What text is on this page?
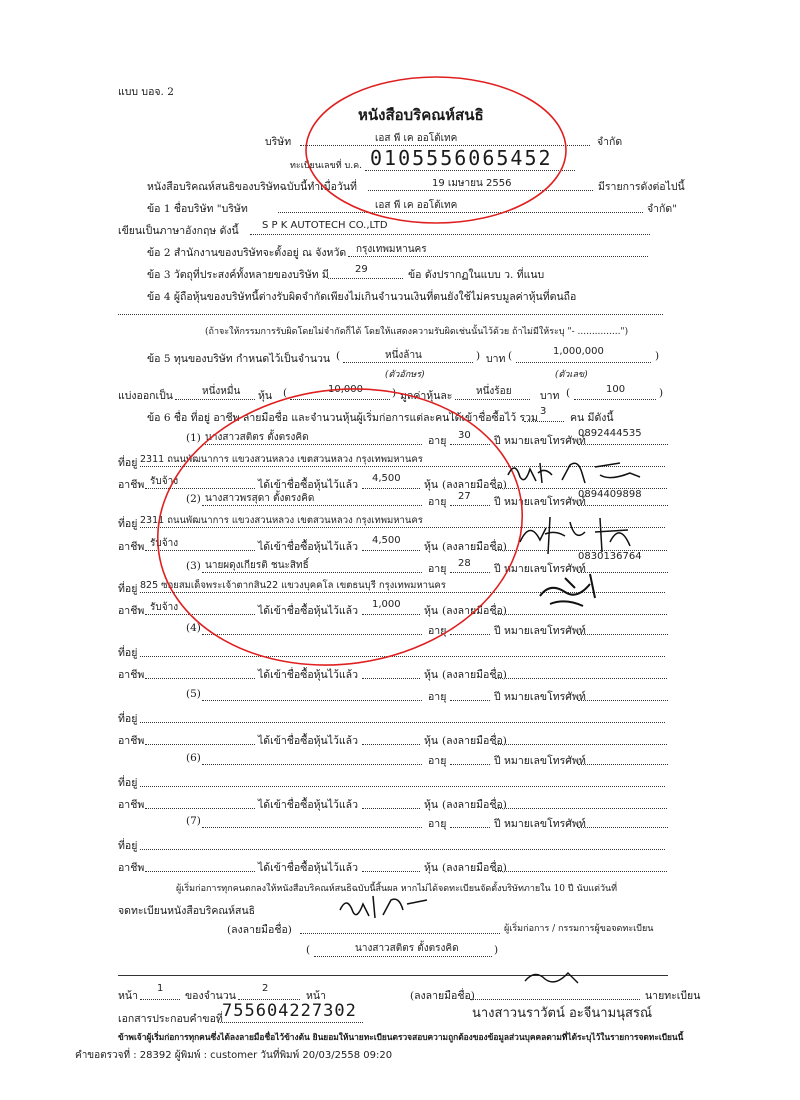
แบบ บอจ. 2
หนังสือบริคณห์สนธิ
บริษัท	เอส พี เค ออโต้เทค	จำกัด
ทะเบียนเลขที่ บ.ค. 0105556065452
หนังสือบริคณห์สนธิของบริษัทฉบับนี้ทำเมื่อวันที่	19 เมษายน 2556	มีรายการดังต่อไปนี้
ข้อ 1 ชื่อบริษัท "บริษัท	เอส พี เค ออโต้เทค	จำกัด"
เขียนเป็นภาษาอังกฤษ ดังนี้ S P K AUTOTECH CO.,LTD
ข้อ 2 สำนักงานของบริษัทจะตั้งอยู่ ณ จังหวัด กรุงเทพมหานคร
ข้อ 3 วัตถุที่ประสงค์ทั้งหลายของบริษัท มี	29	ข้อ ดังปรากฏในแบบ ว. ที่แนบ
ข้อ 4 ผู้ถือหุ้นของบริษัทนี้ต่างรับผิดจำกัดเพียงไม่เกินจำนวนเงินที่ตนยังใช้ไม่ครบมูลค่าหุ้นที่ตนถือ
(ถ้าจะให้กรรมการรับผิดโดยไม่จำกัดก็ได้ โดยให้แสดงความรับผิดเช่นนั้นไว้ด้วย ถ้าไม่มีให้ระบุ "- ...............")
ข้อ 5 ทุนของบริษัท กำหนดไว้เป็นจำนวน (	หนึ่งล้าน	) บาท (	1,000,000	)
(ตัวอักษร)	(ตัวเลข)
แบ่งออกเป็น	หนึ่งหมื่น หุ้น (	10,000	) มูลค่าหุ้นละ หนึ่งร้อย	บาท (	100	)
ข้อ 6 ชื่อ ที่อยู่ อาชีพ ลายมือชื่อ และจำนวนหุ้นผู้เริ่มก่อการแต่ละคนได้เข้าชื่อซื้อไว้ รวม
3
คน มีดังนี้
(1) นางสาวสติตร ตั้งตรงคิด	อายุ 30 ปี หมายเลขโทรศัพท์
0892444535
ที่อยู่ 2311 ถนนพัฒนาการ แขวงสวนหลวง เขตสวนหลวง กรุงเทพมหานคร
อาชีพ รับจ้าง	ได้เข้าชื่อซื้อหุ้นไว้แล้ว
4,500
หุ้น (ลงลายมือชื่อ)
(2) นางสาวพรสุดา ตั้งตรงคิด	อายุ 27 ปี หมายเลขโทรศัพท์
0894409898
ที่อยู่ 2311 ถนนพัฒนาการ แขวงสวนหลวง เขตสวนหลวง กรุงเทพมหานคร
อาชีพ รับจ้าง	ได้เข้าชื่อซื้อหุ้นไว้แล้ว
4,500
หุ้น (ลงลายมือชื่อ)
(3) นายผดุงเกียรติ ชนะสิทธิ์	อายุ 28 ปี หมายเลขโทรศัพท์
0830136764
ที่อยู่ 825 ซอยสมเด็จพระเจ้าตากสิน22 แขวงบุคคโล เขตธนบุรี กรุงเทพมหานคร
อาชีพ รับจ้าง	ได้เข้าชื่อซื้อหุ้นไว้แล้ว
1,000
หุ้น (ลงลายมือชื่อ)
(4)	อายุ	ปี หมายเลขโทรศัพท์
ที่อยู่
อาชีพ	ได้เข้าชื่อซื้อหุ้นไว้แล้ว	หุ้น (ลงลายมือชื่อ)
(5)	อายุ	ปี หมายเลขโทรศัพท์
ที่อยู่
อาชีพ	ได้เข้าชื่อซื้อหุ้นไว้แล้ว	หุ้น (ลงลายมือชื่อ)
(6)	อายุ	ปี หมายเลขโทรศัพท์
ที่อยู่
อาชีพ	ได้เข้าชื่อซื้อหุ้นไว้แล้ว	หุ้น (ลงลายมือชื่อ)
(7)	อายุ	ปี หมายเลขโทรศัพท์
ที่อยู่
อาชีพ	ได้เข้าชื่อซื้อหุ้นไว้แล้ว	หุ้น (ลงลายมือชื่อ)
ผู้เริ่มก่อการทุกคนตกลงให้หนังสือบริคณห์สนธิฉบับนี้สิ้นผล หากไม่ได้จดทะเบียนจัดตั้งบริษัทภายใน 10 ปี นับแต่วันที่
จดทะเบียนหนังสือบริคณห์สนธิ
(ลงลายมือชื่อ)	ผู้เริ่มก่อการ / กรรมการผู้ขอจดทะเบียน
(	นางสาวสติตร ตั้งตรงคิด	)
หน้า
1
ของจำนวน
2
หน้า	(ลงลายมือชื่อ)	นายทะเบียน
นางสาวนราวัตน์ อะจีนามนุสรณ์
เอกสารประกอบคำขอที่ 755604227302
ข้าพเจ้าผู้เริ่มก่อการทุกคนซึ่งได้ลงลายมือชื่อไว้ข้างต้น ยินยอมให้นายทะเบียนตรวจสอบความถูกต้องของข้อมูลส่วนบุคคลตามที่ได้ระบุไว้ในรายการจดทะเบียนนี้
คำขอตรวจที่ : 28392 ผู้พิมพ์ : customer วันที่พิมพ์ 20/03/2558 09:20
